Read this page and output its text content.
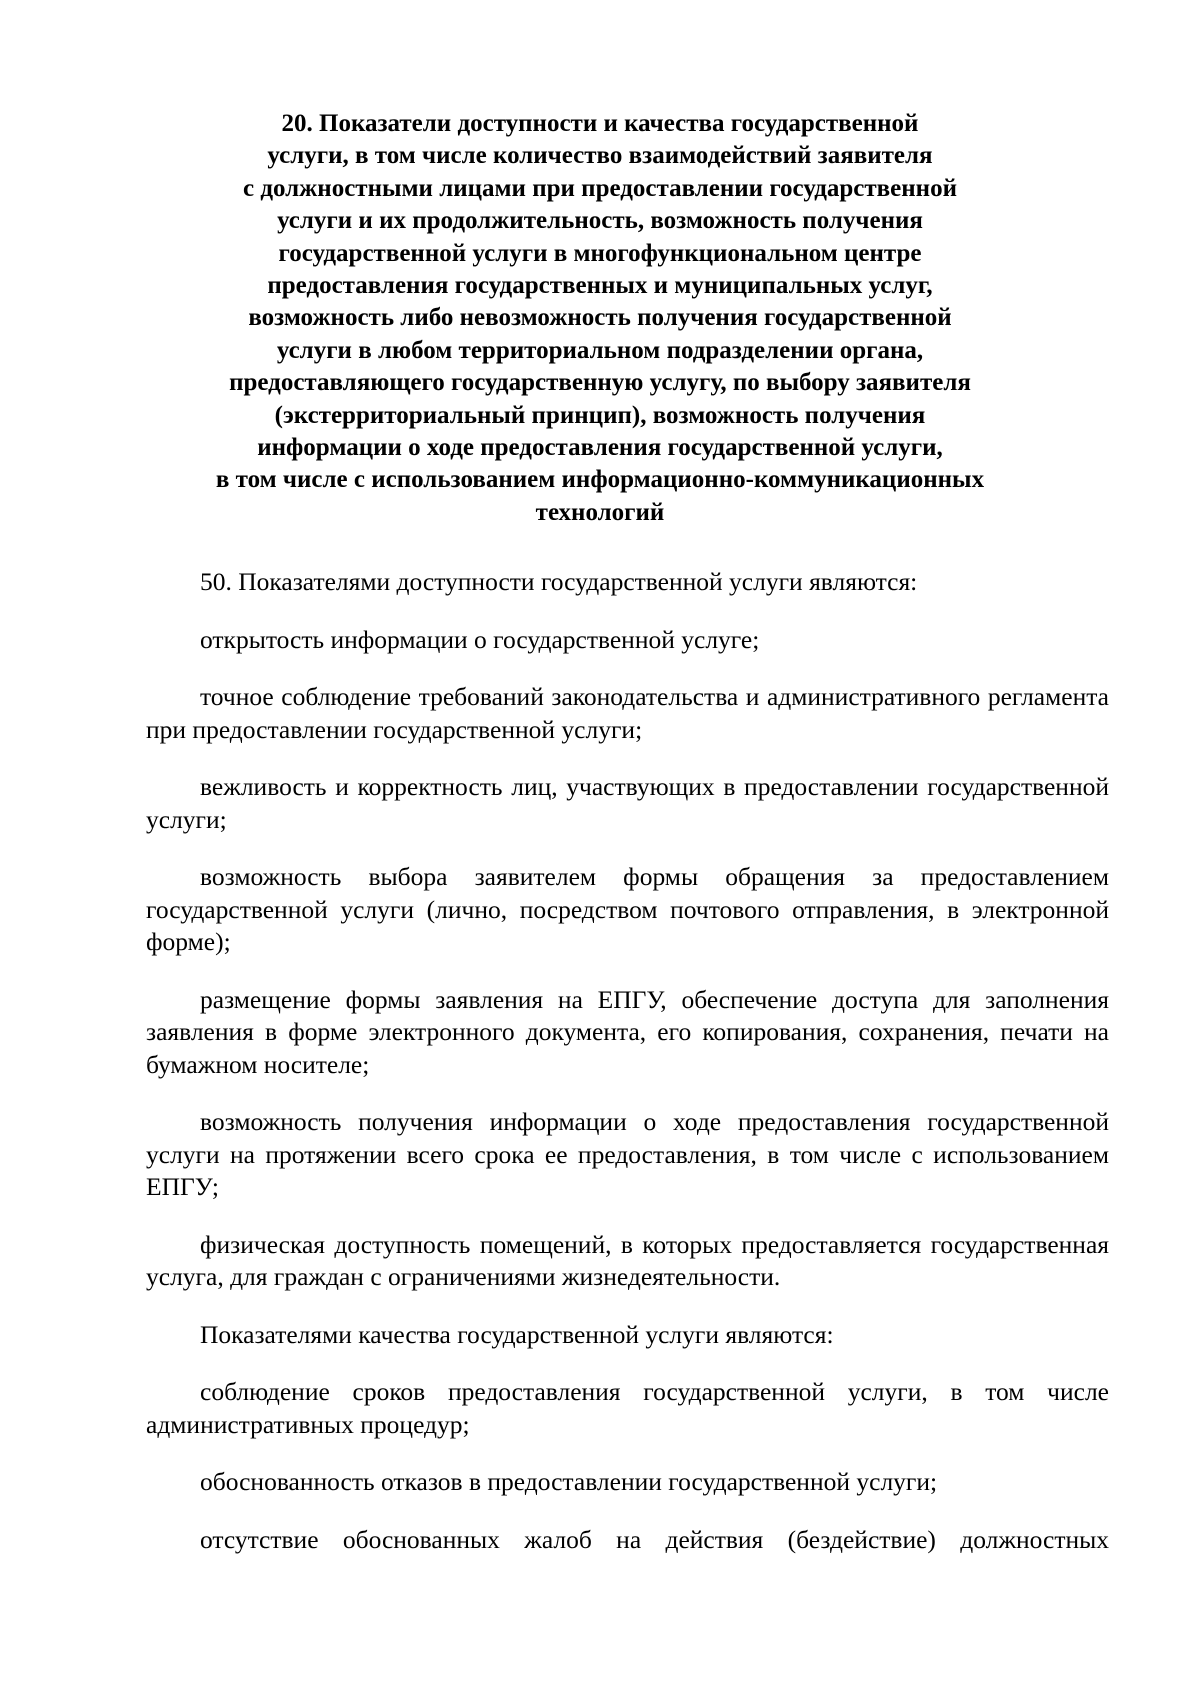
20. Показатели доступности и качества государственной
услуги, в том числе количество взаимодействий заявителя
с должностными лицами при предоставлении государственной
услуги и их продолжительность, возможность получения
государственной услуги в многофункциональном центре
предоставления государственных и муниципальных услуг,
возможность либо невозможность получения государственной
услуги в любом территориальном подразделении органа,
предоставляющего государственную услугу, по выбору заявителя
(экстерриториальный принцип), возможность получения
информации о ходе предоставления государственной услуги,
в том числе с использованием информационно-коммуникационных
технологий

50. Показателями доступности государственной услуги являются:

открытость информации о государственной услуге;

точное соблюдение требований законодательства и административного регламента при предоставлении государственной услуги;

вежливость и корректность лиц, участвующих в предоставлении государственной услуги;

возможность выбора заявителем формы обращения за предоставлением государственной услуги (лично, посредством почтового отправления, в электронной форме);

размещение формы заявления на ЕПГУ, обеспечение доступа для заполнения заявления в форме электронного документа, его копирования, сохранения, печати на бумажном носителе;

возможность получения информации о ходе предоставления государственной услуги на протяжении всего срока ее предоставления, в том числе с использованием ЕПГУ;

физическая доступность помещений, в которых предоставляется государственная услуга, для граждан с ограничениями жизнедеятельности.

Показателями качества государственной услуги являются:

соблюдение сроков предоставления государственной услуги, в том числе административных процедур;

обоснованность отказов в предоставлении государственной услуги;

отсутствие обоснованных жалоб на действия (бездействие) должностных
